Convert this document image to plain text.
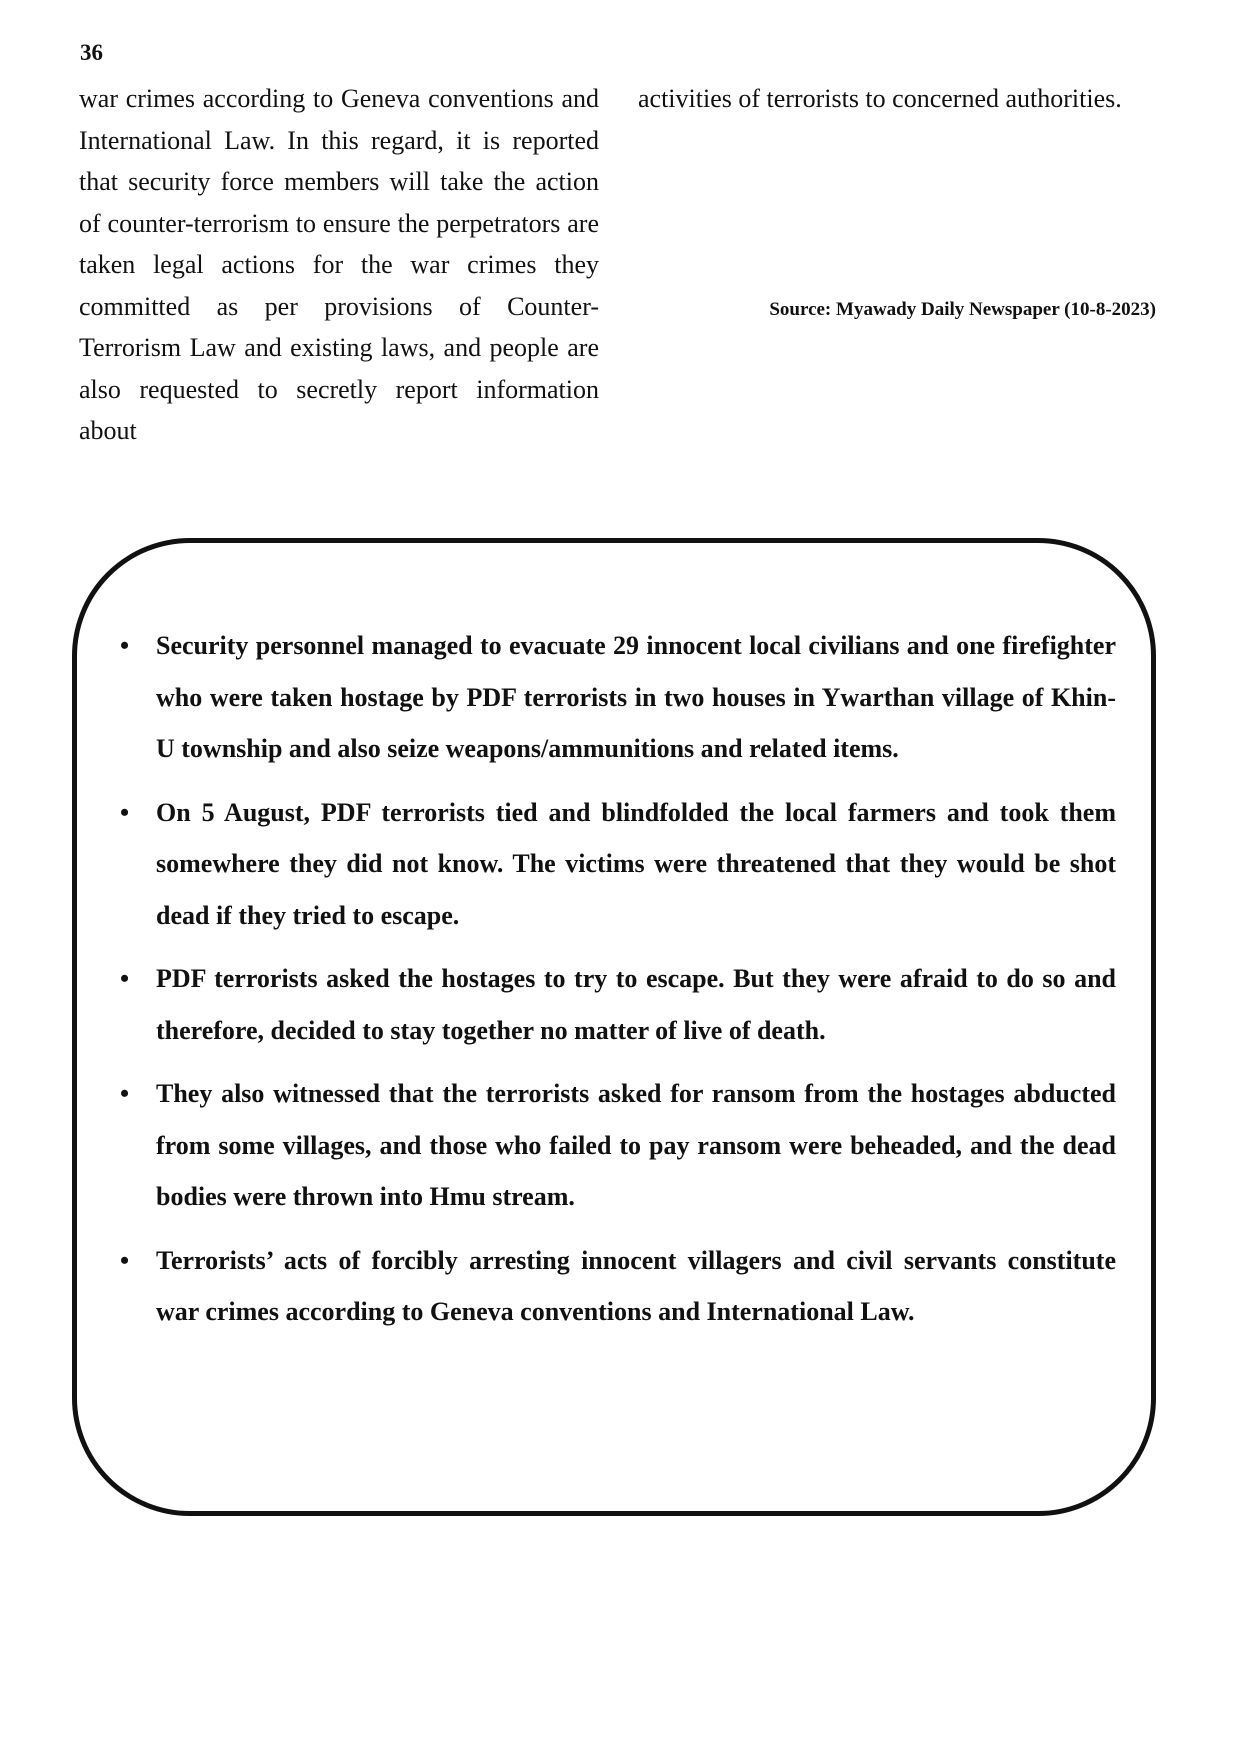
36

war crimes according to Geneva conventions and International Law. In this regard, it is reported that security force members will take the action of counter-terrorism to ensure the perpetrators are taken legal actions for the war crimes they committed as per provisions of Counter-Terrorism Law and existing laws, and people are also requested to secretly report information about

activities of terrorists to concerned authorities.

Source: Myawady Daily Newspaper (10-8-2023)
• Security personnel managed to evacuate 29 innocent local civilians and one firefighter who were taken hostage by PDF terrorists in two houses in Ywarthan village of Khin-U township and also seize weapons/ammunitions and related items.
• On 5 August, PDF terrorists tied and blindfolded the local farmers and took them somewhere they did not know. The victims were threatened that they would be shot dead if they tried to escape.
• PDF terrorists asked the hostages to try to escape. But they were afraid to do so and therefore, decided to stay together no matter of live of death.
• They also witnessed that the terrorists asked for ransom from the hostages abducted from some villages, and those who failed to pay ransom were beheaded, and the dead bodies were thrown into Hmu stream.
• Terrorists’ acts of forcibly arresting innocent villagers and civil servants constitute war crimes according to Geneva conventions and International Law.
